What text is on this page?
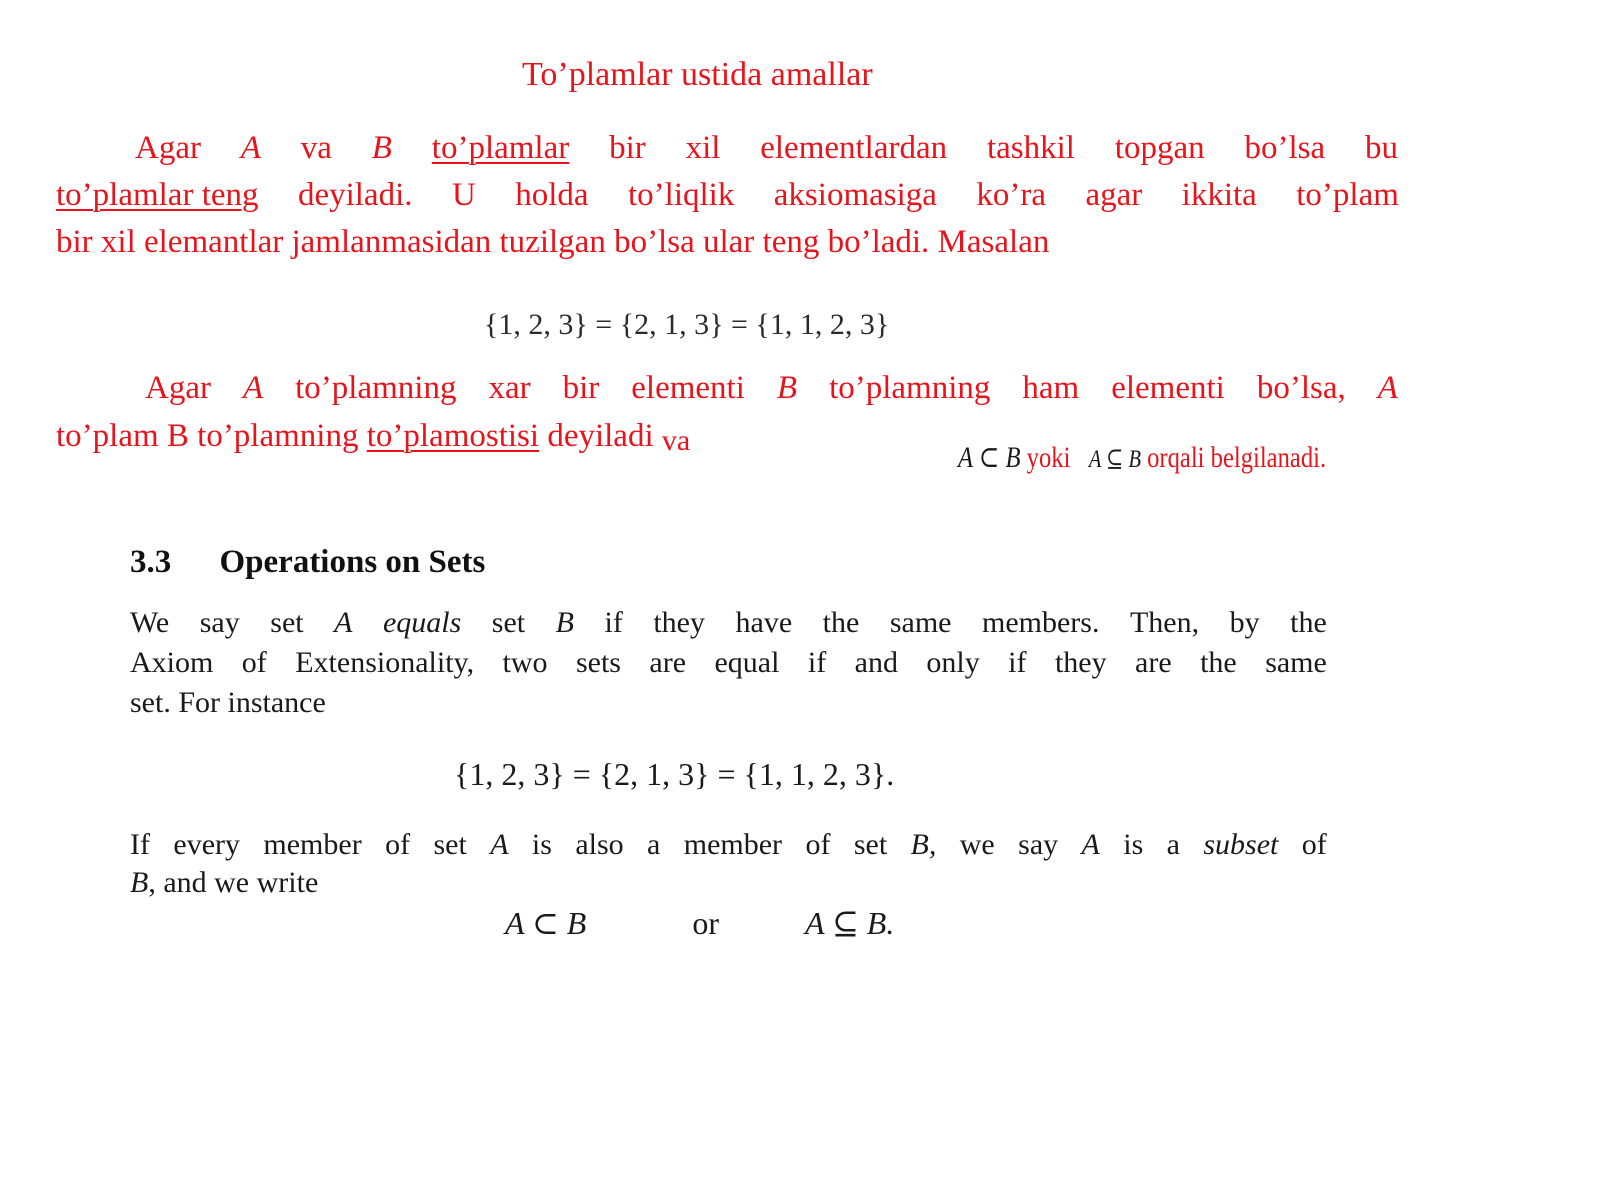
To’plamlar ustida amallar
Agar A va B to’plamlar bir xil elementlardan tashkil topgan bo’lsa bu
to’plamlar teng deyiladi. U holda to’liqlik aksiomasiga ko’ra agar ikkita to’plam
bir xil elemantlar jamlanmasidan tuzilgan bo’lsa ular teng bo’ladi. Masalan
{1, 2, 3} = {2, 1, 3} = {1, 1, 2, 3}
Agar A to’plamning xar bir elementi B to’plamning ham elementi bo’lsa, A
to’plam B to’plamning to’plamostisi deyiladi va
A ⊂ B yoki A ⊆ B orqali belgilanadi.
3.3 Operations on Sets
We say set A equals set B if they have the same members. Then, by the
Axiom of Extensionality, two sets are equal if and only if they are the same
set. For instance
{1, 2, 3} = {2, 1, 3} = {1, 1, 2, 3}.
If every member of set A is also a member of set B, we say A is a subset of
B, and we write
A ⊂ B	or	A ⊆ B.
